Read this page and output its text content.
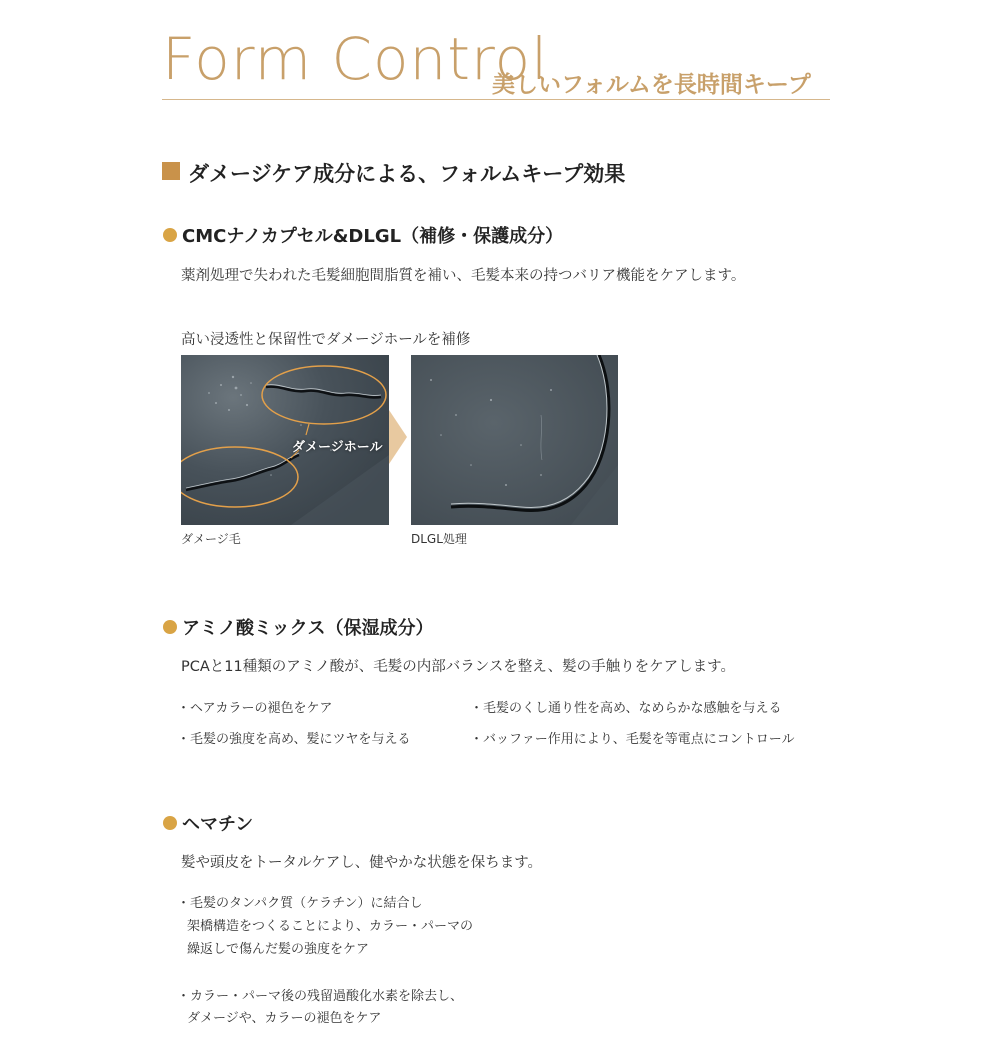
Form Control
美しいフォルムを長時間キープ
ダメージケア成分による、フォルムキープ効果
CMCナノカプセル&DLGL（補修・保護成分）
薬剤処理で失われた毛髪細胞間脂質を補い、毛髪本来の持つバリア機能をケアします。
高い浸透性と保留性でダメージホールを補修
ダメージホール
ダメージ毛	DLGL処理
アミノ酸ミックス（保湿成分）
PCAと11種類のアミノ酸が、毛髪の内部バランスを整え、髪の手触りをケアします。
・ヘアカラーの褪色をケア	・毛髪のくし通り性を高め、なめらかな感触を与える
・毛髪の強度を高め、髪にツヤを与える	・バッファー作用により、毛髪を等電点にコントロール
ヘマチン
髪や頭皮をトータルケアし、健やかな状態を保ちます。
・毛髪のタンパク質（ケラチン）に結合し
架橋構造をつくることにより、カラー・パーマの
繰返しで傷んだ髪の強度をケア
・カラー・パーマ後の残留過酸化水素を除去し、
ダメージや、カラーの褪色をケア
